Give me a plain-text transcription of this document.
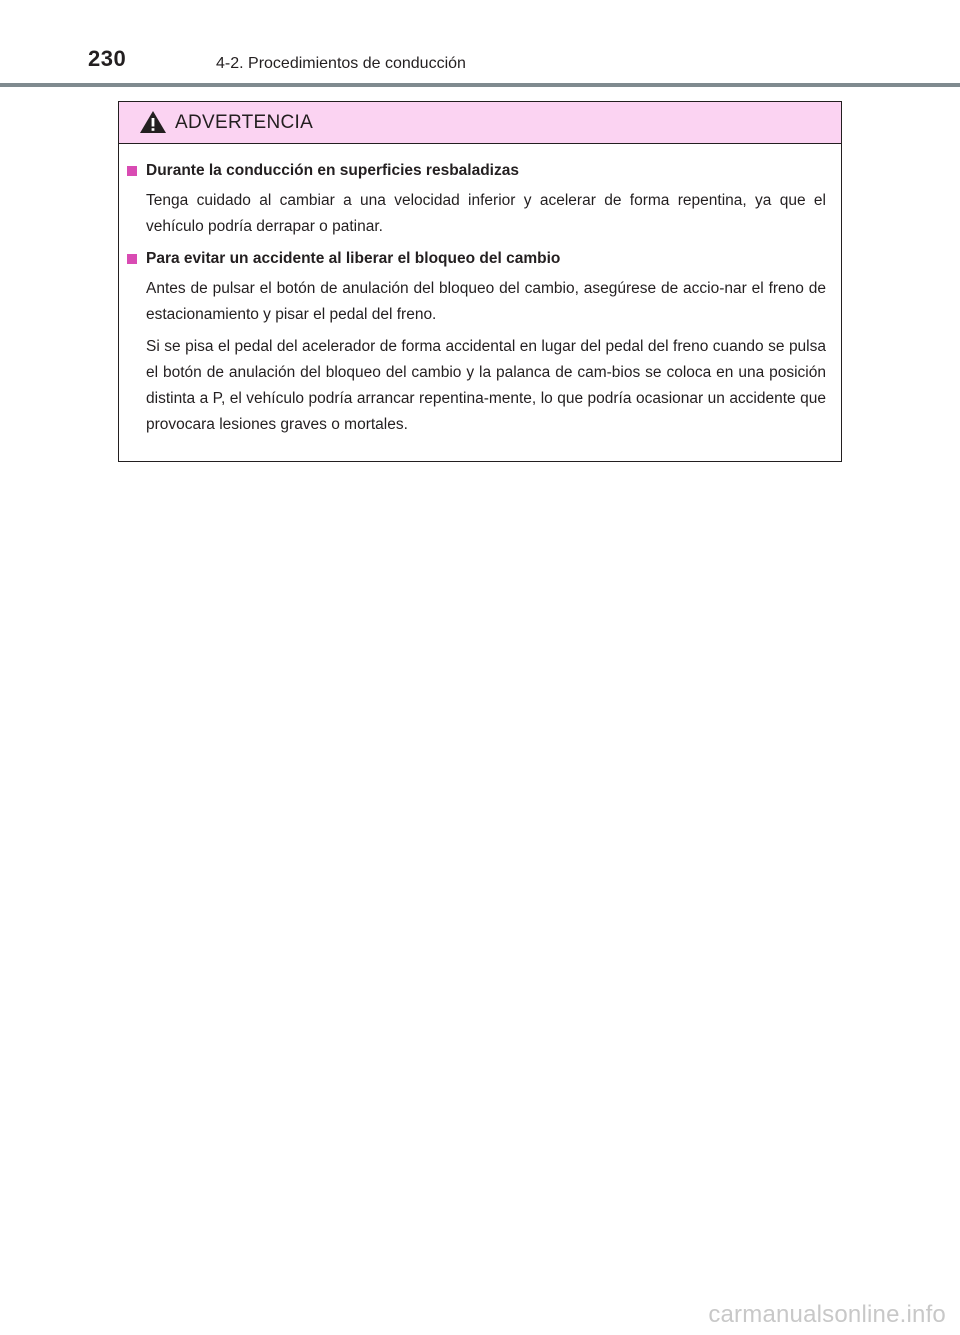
230	4-2. Procedimientos de conducción
ADVERTENCIA
Durante la conducción en superficies resbaladizas

Tenga cuidado al cambiar a una velocidad inferior y acelerar de forma repentina, ya que el vehículo podría derrapar o patinar.

Para evitar un accidente al liberar el bloqueo del cambio

Antes de pulsar el botón de anulación del bloqueo del cambio, asegúrese de accio-nar el freno de estacionamiento y pisar el pedal del freno.

Si se pisa el pedal del acelerador de forma accidental en lugar del pedal del freno cuando se pulsa el botón de anulación del bloqueo del cambio y la palanca de cam-bios se coloca en una posición distinta a P, el vehículo podría arrancar repentina-mente, lo que podría ocasionar un accidente que provocara lesiones graves o mortales.

carmanualsonline.info
